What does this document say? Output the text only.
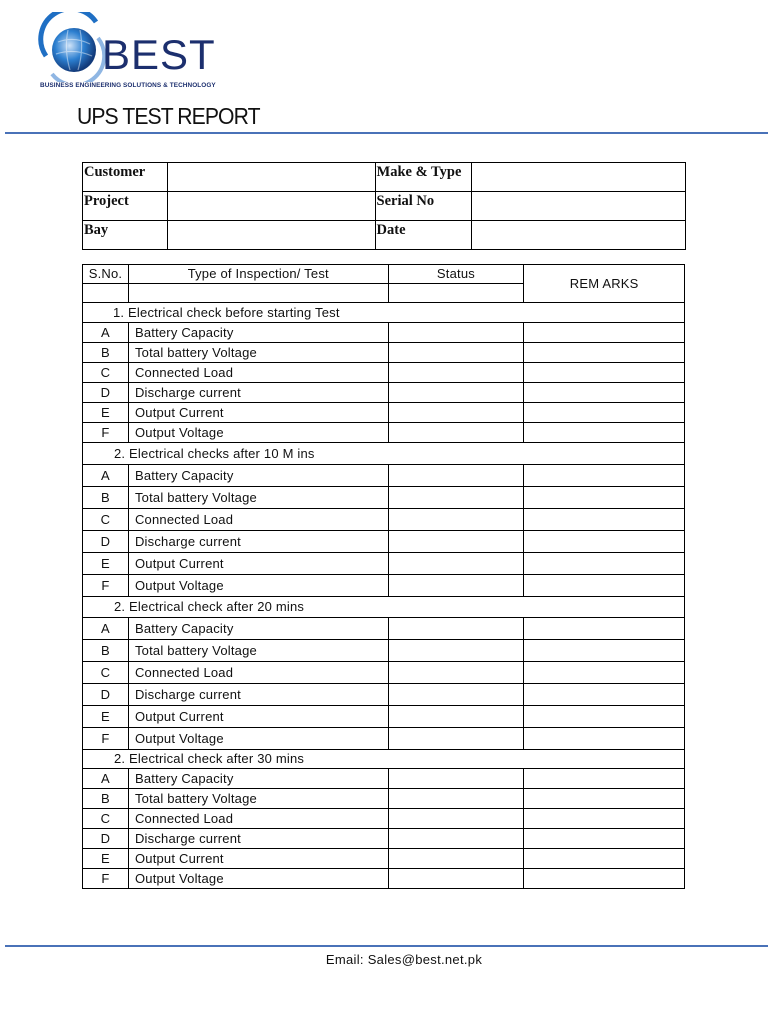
BEST
BUSINESS ENGINEERING SOLUTIONS & TECHNOLOGY
UPS TEST REPORT
Customer		Make & Type	
Project		Serial No	
Bay		Date	
S.No.	Type of Inspection/ Test	Status	REM ARKS

1. Electrical check before starting Test			
A	Battery Capacity		
B	Total battery Voltage		
C	Connected Load		
D	Discharge current		
E	Output Current		
F	Output Voltage		
2. Electrical checks after 10 M ins			
A	Battery Capacity		
B	Total battery Voltage		
C	Connected Load		
D	Discharge current		
E	Output Current		
F	Output Voltage		
2. Electrical check after 20 mins			
A	Battery Capacity		
B	Total battery Voltage		
C	Connected Load		
D	Discharge current		
E	Output Current		
F	Output Voltage		
2. Electrical check after 30 mins			
A	Battery Capacity		
B	Total battery Voltage		
C	Connected Load		
D	Discharge current		
E	Output Current		
F	Output Voltage		
Email: Sales@best.net.pk
